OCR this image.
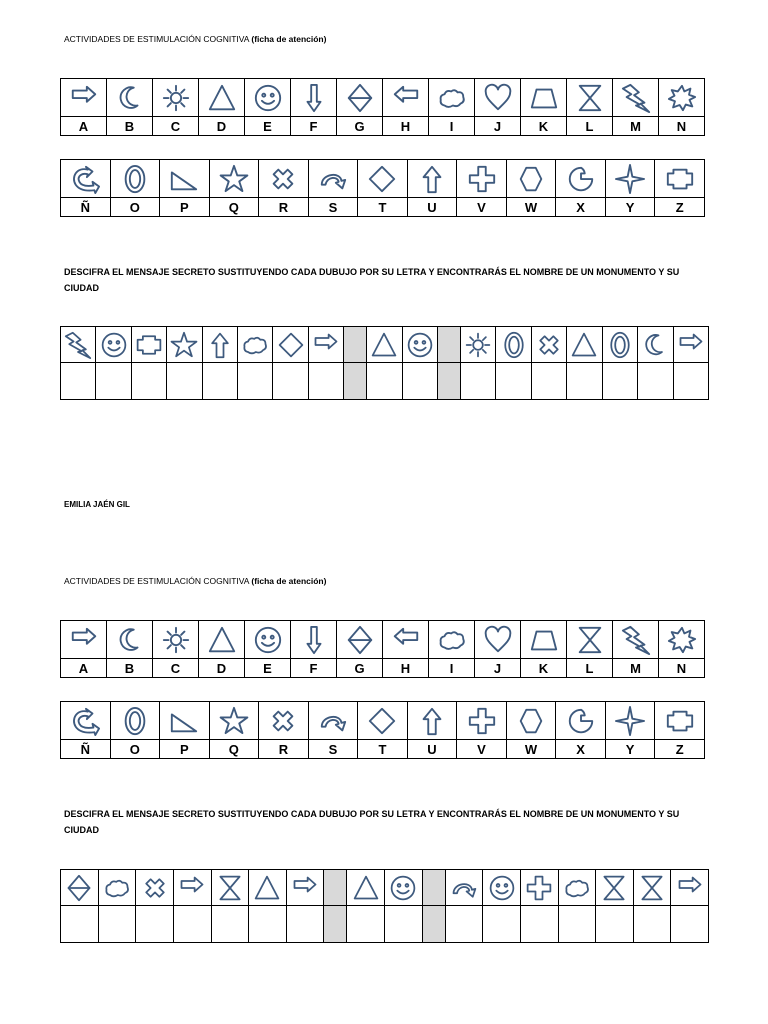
ACTIVIDADES DE ESTIMULACIÓN COGNITIVA (ficha de atención)

A	B	C	D	E	F	G	H	I	J	K	L	M	N

Ñ	O	P	Q	R	S	T	U	V	W	X	Y	Z
DESCIFRA EL MENSAJE SECRETO SUSTITUYENDO CADA DUBUJO POR SU LETRA Y ENCONTRARÁS EL NOMBRE DE UN MONUMENTO Y SU CIUDAD

EMILIA JAÉN GIL
ACTIVIDADES DE ESTIMULACIÓN COGNITIVA (ficha de atención)

A	B	C	D	E	F	G	H	I	J	K	L	M	N

Ñ	O	P	Q	R	S	T	U	V	W	X	Y	Z
DESCIFRA EL MENSAJE SECRETO SUSTITUYENDO CADA DUBUJO POR SU LETRA Y ENCONTRARÁS EL NOMBRE DE UN MONUMENTO Y SU CIUDAD
